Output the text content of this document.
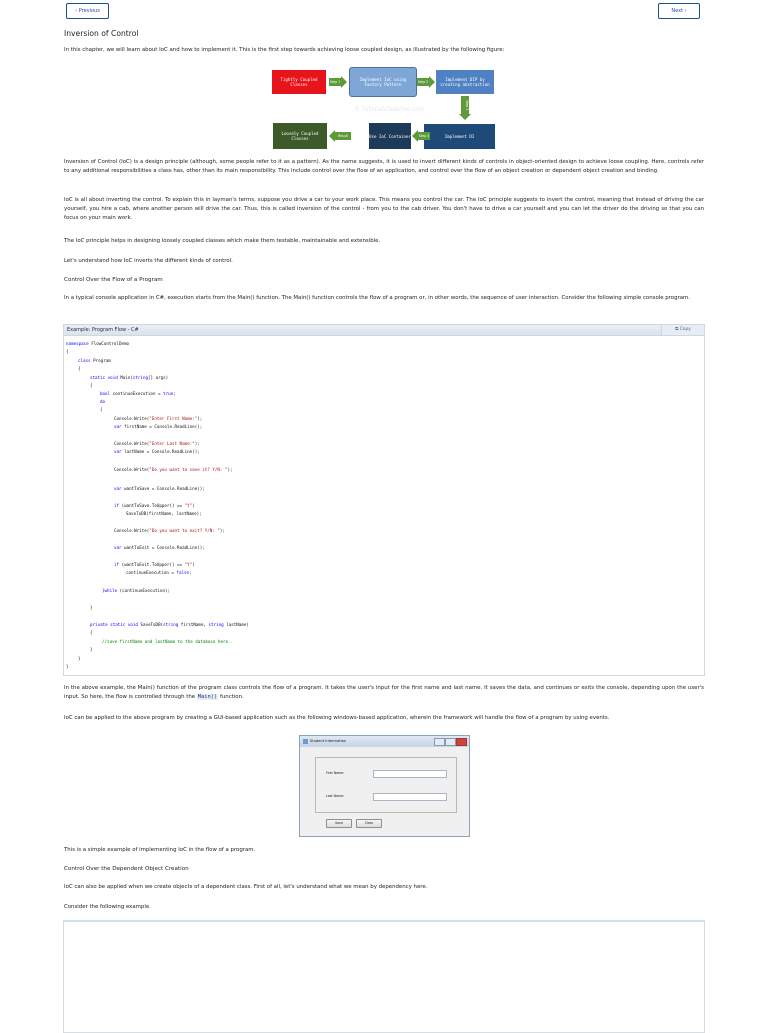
‹ Previous	Next ›
Inversion of Control
In this chapter, we will learn about IoC and how to implement it. This is the first step towards achieving loose coupled design, as illustrated by the following figure:
© TutorialsTeacher.com
Tightly Coupled Classes	Step 1	Implement IoC using Factory Pattern	Step 2	Implement DIP by creating abstraction
Step 3
Implement DI
Step 4
Use IoC Container
Result
Loosely Coupled Classes
Inversion of Control (IoC) is a design principle (although, some people refer to it as a pattern). As the name suggests, it is used to invert different kinds of controls in object-oriented design to achieve loose coupling. Here, controls refer to any additional responsibilities a class has, other than its main responsibility. This include control over the flow of an application, and control over the flow of an object creation or dependent object creation and binding.
IoC is all about inverting the control. To explain this in layman's terms, suppose you drive a car to your work place. This means you control the car. The IoC principle suggests to invert the control, meaning that instead of driving the car yourself, you hire a cab, where another person will drive the car. Thus, this is called inversion of the control - from you to the cab driver. You don't have to drive a car yourself and you can let the driver do the driving so that you can focus on your main work.
The IoC principle helps in designing loosely coupled classes which make them testable, maintainable and extensible.
Let's understand how IoC inverts the different kinds of control.
Control Over the Flow of a Program
In a typical console application in C#, execution starts from the Main() function. The Main() function controls the flow of a program or, in other words, the sequence of user interaction. Consider the following simple console program.
Example: Program Flow - C#	⧉ Copy
namespace FlowControlDemo
{
class Program
{
static void Main(string[] args)
{
bool continueExecution = true;
do
{
Console.Write("Enter First Name:");
var firstName = Console.ReadLine();
Console.Write("Enter Last Name:");
var lastName = Console.ReadLine();
Console.Write("Do you want to save it? Y/N: ");
var wantToSave = Console.ReadLine();
if (wantToSave.ToUpper() == "Y")
SaveToDB(firstName, lastName);
Console.Write("Do you want to exit? Y/N: ");
var wantToExit = Console.ReadLine();
if (wantToExit.ToUpper() == "Y")
continueExecution = false;
}while (continueExecution);
}
private static void SaveToDB(string firstName, string lastName)
{
//save firstName and lastName to the database here..
}
}
}
In the above example, the Main() function of the program class controls the flow of a program. It takes the user's input for the first name and last name. It saves the data, and continues or exits the console, depending upon the user's input. So here, the flow is controlled through the Main() function.
IoC can be applied to the above program by creating a GUI-based application such as the following windows-based application, wherein the framework will handle the flow of a program by using events.
Student Information
First Name:
Last Name:
Save	Clear
This is a simple example of implementing IoC in the flow of a program.
Control Over the Dependent Object Creation
IoC can also be applied when we create objects of a dependent class. First of all, let's understand what we mean by dependency here.
Consider the following example.
